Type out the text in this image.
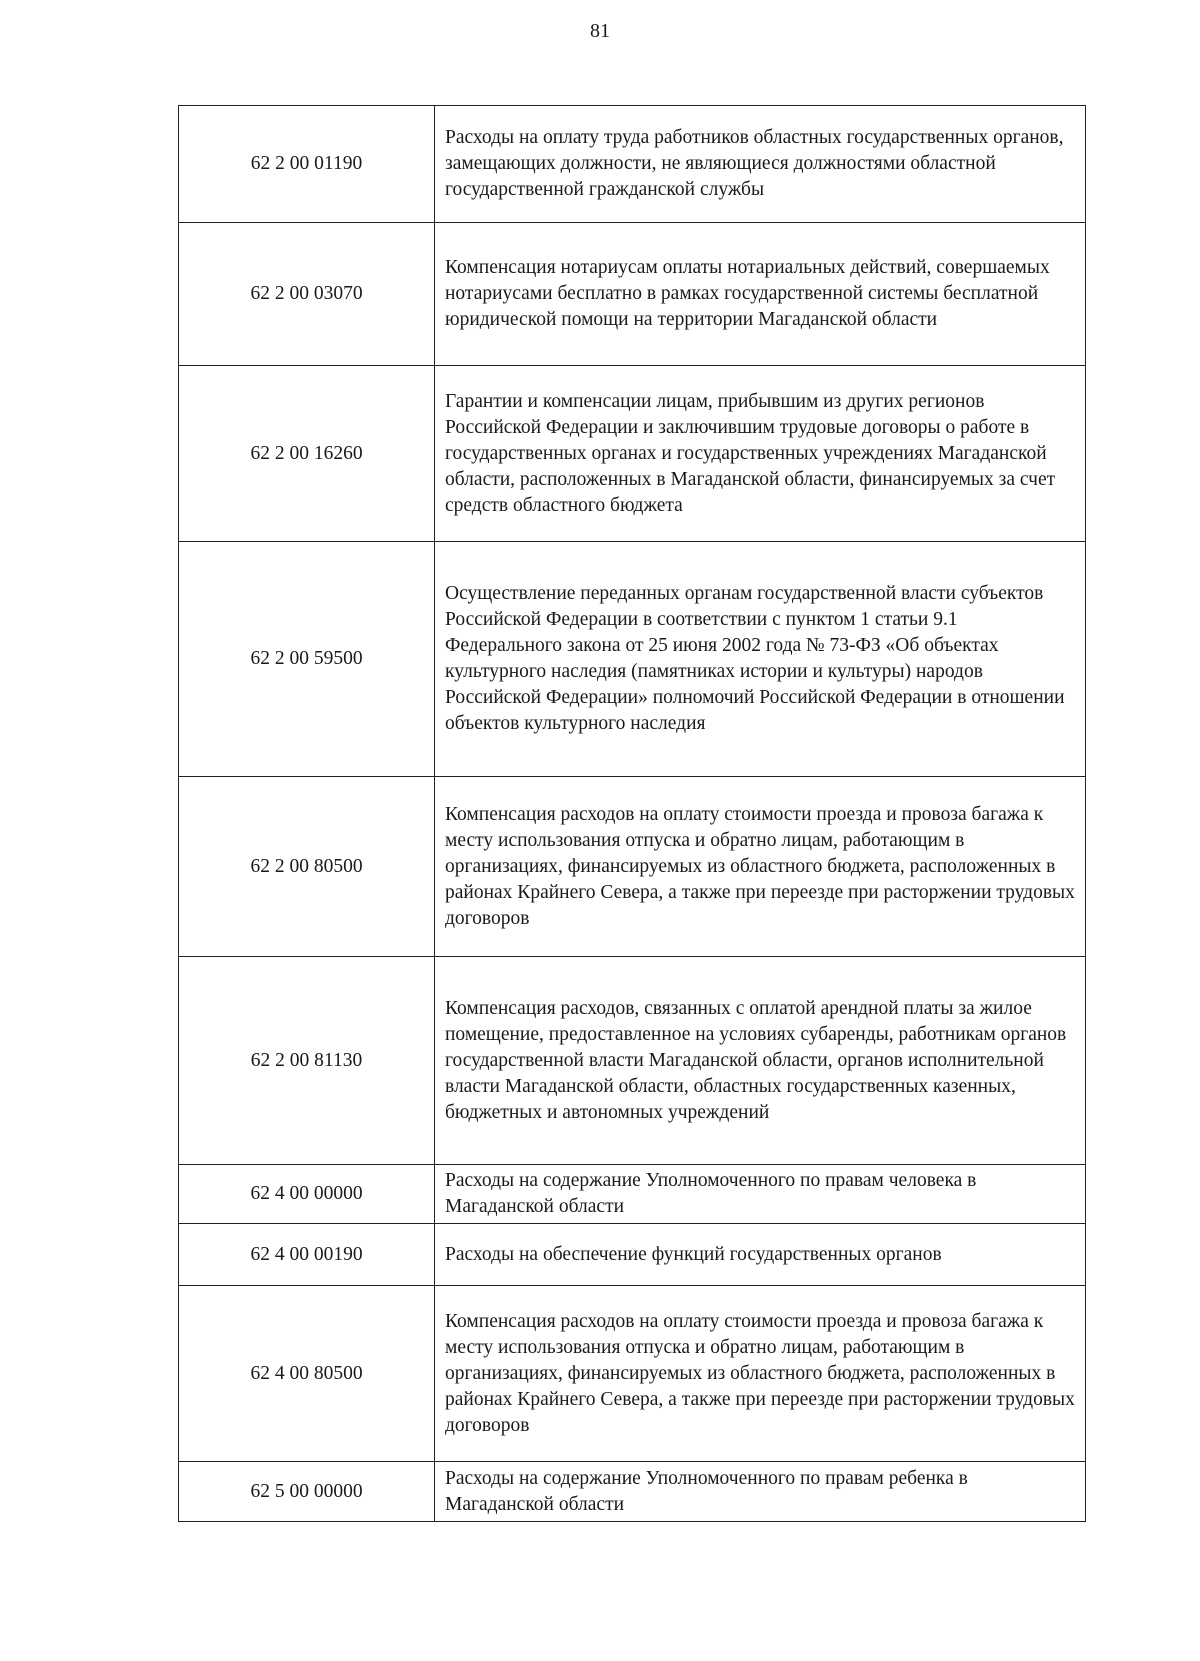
81
62 2 00 01190	Расходы на оплату труда работников областных государственных органов, замещающих должности, не являющиеся должностями областной государственной гражданской службы
62 2 00 03070	Компенсация нотариусам оплаты нотариальных действий, совершаемых нотариусами бесплатно в рамках государственной системы бесплатной юридической помощи на территории Магаданской области
62 2 00 16260	Гарантии и компенсации лицам, прибывшим из других регионов Российской Федерации и заключившим трудовые договоры о работе в государственных органах и государственных учреждениях Магаданской области, расположенных в Магаданской области, финансируемых за счет средств областного бюджета
62 2 00 59500	Осуществление переданных органам государственной власти субъектов Российской Федерации в соответствии с пунктом 1 статьи 9.1 Федерального закона от 25 июня 2002 года № 73-ФЗ «Об объектах культурного наследия (памятниках истории и культуры) народов Российской Федерации» полномочий Российской Федерации в отношении объектов культурного наследия
62 2 00 80500	Компенсация расходов на оплату стоимости проезда и провоза багажа к месту использования отпуска и обратно лицам, работающим в организациях, финансируемых из областного бюджета, расположенных в районах Крайнего Севера, а также при переезде при расторжении трудовых договоров
62 2 00 81130	Компенсация расходов, связанных с оплатой арендной платы за жилое помещение, предоставленное на условиях субаренды, работникам органов государственной власти Магаданской области, органов исполнительной власти Магаданской области, областных государственных казенных, бюджетных и автономных учреждений
62 4 00 00000	Расходы на содержание Уполномоченного по правам человека в Магаданской области
62 4 00 00190	Расходы на обеспечение функций государственных органов
62 4 00 80500	Компенсация расходов на оплату стоимости проезда и провоза багажа к месту использования отпуска и обратно лицам, работающим в организациях, финансируемых из областного бюджета, расположенных в районах Крайнего Севера, а также при переезде при расторжении трудовых договоров
62 5 00 00000	Расходы на содержание Уполномоченного по правам ребенка в Магаданской области
